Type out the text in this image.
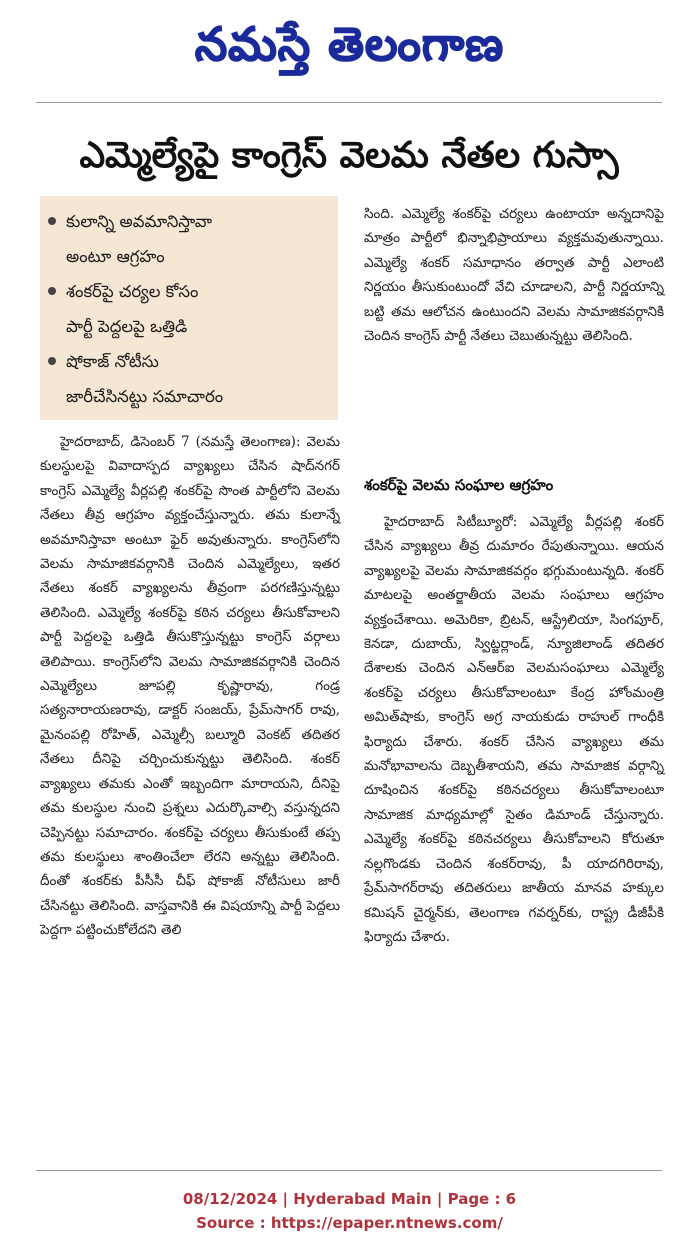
నమస్తే తెలంగాణ
ఎమ్మెల్యేపై కాంగ్రెస్ వెలమ నేతల గుస్సా
కులాన్ని అవమానిస్తావా
అంటూ ఆగ్రహం
శంకర్‌పై చర్యల కోసం
పార్టీ పెద్దలపై ఒత్తిడి
షోకాజ్ నోటీసు
జారీచేసినట్టు సమాచారం

హైదరాబాద్, డిసెంబర్ 7 (నమస్తే తెలంగాణ): వెలమ కులస్థులపై వివాదాస్పద వ్యాఖ్యలు చేసిన షాద్‌నగర్ కాంగ్రెస్ ఎమ్మెల్యే వీర్లపల్లి శంకర్‌పై సొంత పార్టీలోని వెలమ నేతలు తీవ్ర ఆగ్రహం వ్యక్తంచేస్తున్నారు. తమ కులాన్నే అవమానిస్తావా అంటూ ఫైర్ అవుతున్నారు. కాంగ్రెస్‌లోని వెలమ సామాజికవర్గానికి చెందిన ఎమ్మెల్యేలు, ఇతర నేతలు శంకర్ వ్యాఖ్యలను తీవ్రంగా పరగణిస్తున్నట్టు తెలిసింది. ఎమ్మెల్యే శంకర్‌పై కఠిన చర్యలు తీసుకోవాలని పార్టీ పెద్దలపై ఒత్తిడి తీసుకొస్తున్నట్టు కాంగ్రెస్ వర్గాలు తెలిపాయి. కాంగ్రెస్‌లోని వెలమ సామాజికవర్గానికి చెందిన ఎమ్మెల్యేలు జూపల్లి కృష్ణారావు, గండ్ర సత్యనారాయణరావు, డాక్టర్ సంజయ్, ప్రేమ్‌సాగర్ రావు, మైనంపల్లి రోహిత్, ఎమ్మెల్సీ బల్మూరి వెంకట్ తదితర నేతలు దీనిపై చర్చించుకున్నట్టు తెలిసింది. శంకర్ వ్యాఖ్యలు తమకు ఎంతో ఇబ్బందిగా మారాయని, దీనిపై తమ కులస్థుల నుంచి ప్రశ్నలు ఎదుర్కొవాల్సి వస్తున్నదని చెప్పినట్టు సమాచారం. శంకర్‌పై చర్యలు తీసుకుంటే తప్ప తమ కులస్థులు శాంతించేలా లేరని అన్నట్టు తెలిసింది. దీంతో శంకర్‌కు పీసీసీ చీఫ్ షోకాజ్ నోటీసులు జారీ చేసినట్టు తెలిసింది. వాస్తవానికి ఈ విషయాన్ని పార్టీ పెద్దలు పెద్దగా పట్టించుకోలేదని తెలి

సింది. ఎమ్మెల్యే శంకర్‌పై చర్యలు ఉంటాయా అన్నదానిపై మాత్రం పార్టీలో భిన్నాభిప్రాయాలు వ్యక్తమవుతున్నాయి. ఎమ్మెల్యే శంకర్ సమాధానం తర్వాత పార్టీ ఎలాంటి నిర్ణయం తీసుకుంటుందో వేచి చూడాలని, పార్టీ నిర్ణయాన్ని బట్టి తమ ఆలోచన ఉంటుందని వెలమ సామాజికవర్గానికి చెందిన కాంగ్రెస్ పార్టీ నేతలు చెబుతున్నట్టు తెలిసింది.

శంకర్‌పై వెలమ సంఘాల ఆగ్రహం

హైదరాబాద్ సిటీబ్యూరో: ఎమ్మెల్యే వీర్లపల్లి శంకర్ చేసిన వ్యాఖ్యలు తీవ్ర దుమారం రేపుతున్నాయి. ఆయన వ్యాఖ్యలపై వెలమ సామాజికవర్గం భగ్గుమంటున్నది. శంకర్ మాటలపై అంతర్జాతీయ వెలమ సంఘాలు ఆగ్రహం వ్యక్తంచేశాయి. అమెరికా, బ్రిటన్, ఆస్ట్రేలియా, సింగపూర్, కెనడా, దుబాయ్, స్విట్జర్లాండ్, న్యూజిలాండ్ తదితర దేశాలకు చెందిన ఎన్‌ఆర్‌ఐ వెలమసంఘాలు ఎమ్మెల్యే శంకర్‌పై చర్యలు తీసుకోవాలంటూ కేంద్ర హోంమంత్రి అమిత్‌షాకు, కాంగ్రెస్ అగ్ర నాయకుడు రాహుల్ గాంధీకి ఫిర్యాదు చేశారు. శంకర్ చేసిన వ్యాఖ్యలు తమ మనోభావాలను దెబ్బతీశాయని, తమ సామాజిక వర్గాన్ని దూషించిన శంకర్‌పై కఠినచర్యలు తీసుకోవాలంటూ సామాజిక మాధ్యమాల్లో సైతం డిమాండ్ చేస్తున్నారు. ఎమ్మెల్యే శంకర్‌పై కఠినచర్యలు తీసుకోవాలని కోరుతూ నల్లగొండకు చెందిన శంకర్‌రావు, పీ యాదగిరిరావు, ప్రేమ్‌సాగర్‌రావు తదితరులు జాతీయ మానవ హక్కుల కమిషన్ చైర్మన్‌కు, తెలంగాణ గవర్నర్‌కు, రాష్ట్ర డీజీపీకి ఫిర్యాదు చేశారు.

08/12/2024 | Hyderabad Main | Page : 6
Source : https://epaper.ntnews.com/
